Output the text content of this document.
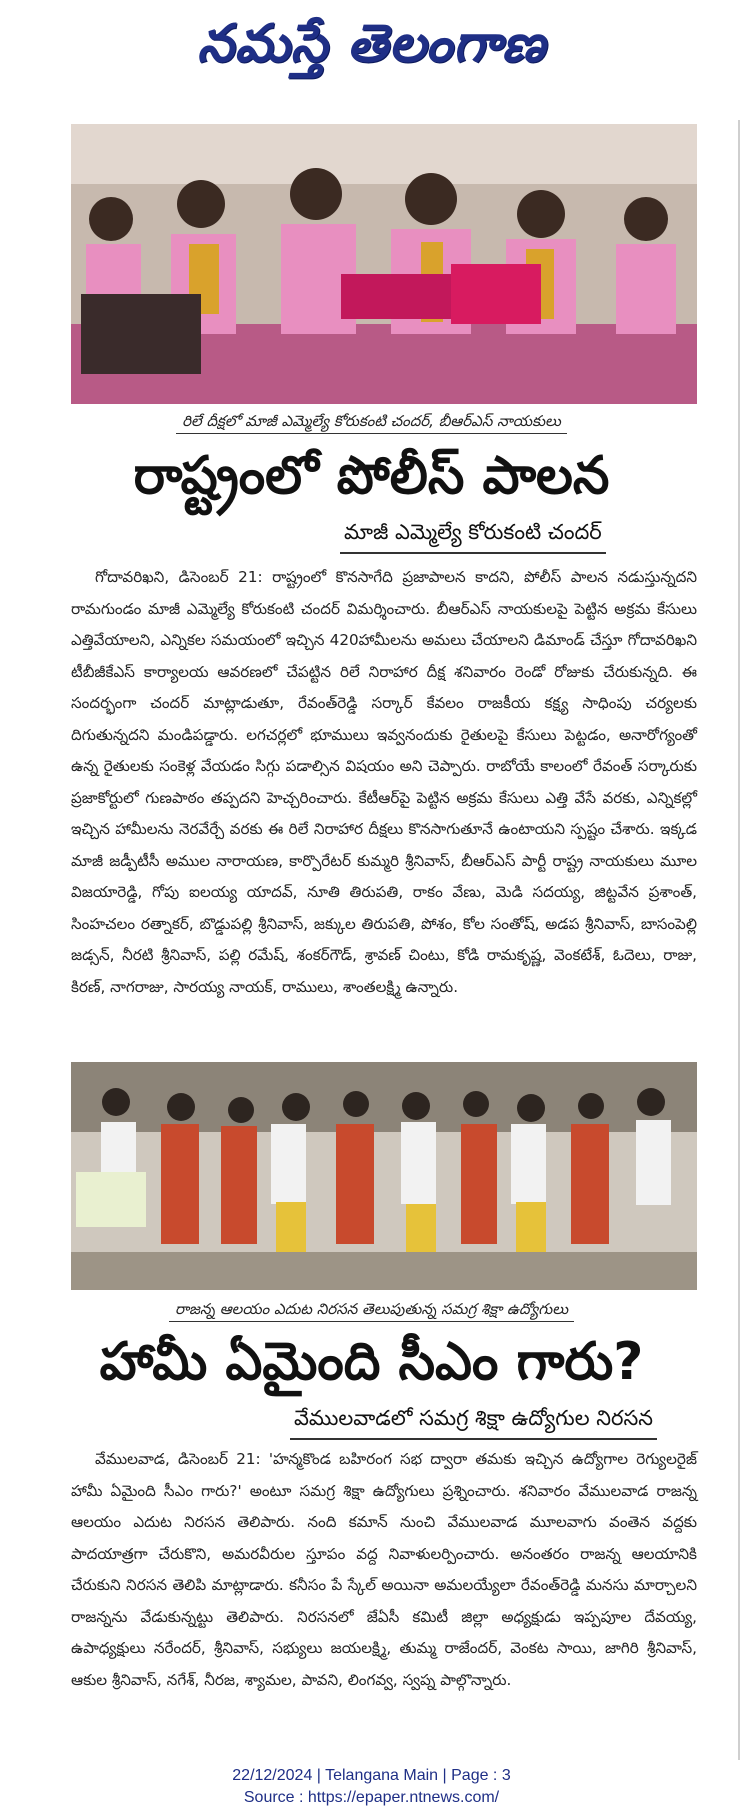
నమస్తే తెలంగాణ
రిలే దీక్షలో మాజీ ఎమ్మెల్యే కోరుకంటి చందర్, బీఆర్ఎస్ నాయకులు
రాష్ట్రంలో పోలీస్ పాలన
మాజీ ఎమ్మెల్యే కోరుకంటి చందర్
గోదావరిఖని, డిసెంబర్ 21: రాష్ట్రంలో కొనసాగేది ప్రజాపాలన కాదని, పోలీస్ పాలన నడుస్తున్నదని రామగుండం మాజీ ఎమ్మెల్యే కోరుకంటి చందర్ విమర్శించారు. బీఆర్ఎస్ నాయకులపై పెట్టిన అక్రమ కేసులు ఎత్తివేయాలని, ఎన్నికల సమయంలో ఇచ్చిన 420హామీలను అమలు చేయాలని డిమాండ్ చేస్తూ గోదావరిఖని టీబీజీకేఎస్ కార్యాలయ ఆవరణలో చేపట్టిన రిలే నిరాహార దీక్ష శనివారం రెండో రోజుకు చేరుకున్నది. ఈ సందర్భంగా చందర్ మాట్లాడుతూ, రేవంత్‌రెడ్డి సర్కార్ కేవలం రాజకీయ కక్ష్య సాధింపు చర్యలకు దిగుతున్నదని మండిపడ్డారు. లగచర్లలో భూములు ఇవ్వనందుకు రైతులపై కేసులు పెట్టడం, అనారోగ్యంతో ఉన్న రైతులకు సంకెళ్ల వేయడం సిగ్గు పడాల్సిన విషయం అని చెప్పారు. రాబోయే కాలంలో రేవంత్ సర్కారుకు ప్రజాకోర్టులో గుణపాఠం తప్పదని హెచ్చరించారు. కేటీఆర్‌పై పెట్టిన అక్రమ కేసులు ఎత్తి వేసే వరకు, ఎన్నికల్లో ఇచ్చిన హామీలను నెరవేర్చే వరకు ఈ రిలే నిరాహార దీక్షలు కొనసాగుతూనే ఉంటాయని స్పష్టం చేశారు. ఇక్కడ మాజీ జడ్పీటీసీ అముల నారాయణ, కార్పొరేటర్ కుమ్మరి శ్రీనివాస్, బీఆర్ఎస్ పార్టీ రాష్ట్ర నాయకులు మూల విజయారెడ్డి, గోపు ఐలయ్య యాదవ్, నూతి తిరుపతి, రాకం వేణు, మెడి సదయ్య, జిట్టవేన ప్రశాంత్, సింహచలం రత్నాకర్, బొడ్డుపల్లి శ్రీనివాస్, జక్కుల తిరుపతి, పోశం, కోల సంతోష్, అడప శ్రీనివాస్, బాసంపెల్లి జడ్సన్, నీరటి శ్రీనివాస్, పల్లి రమేష్, శంకర్‌గౌడ్, శ్రావణ్ చింటు, కోడి రామకృష్ణ, వెంకటేశ్, ఓదెలు, రాజు, కిరణ్, నాగరాజు, సారయ్య నాయక్, రాములు, శాంతలక్ష్మి ఉన్నారు.
రాజన్న ఆలయం ఎదుట నిరసన తెలుపుతున్న సమగ్ర శిక్షా ఉద్యోగులు
హామీ ఏమైంది సీఎం గారు?
వేములవాడలో సమగ్ర శిక్షా ఉద్యోగుల నిరసన
వేములవాడ, డిసెంబర్ 21: 'హన్మకొండ బహిరంగ సభ ద్వారా తమకు ఇచ్చిన ఉద్యోగాల రెగ్యులరైజ్ హామీ ఏమైంది సీఎం గారు?' అంటూ సమగ్ర శిక్షా ఉద్యోగులు ప్రశ్నించారు. శనివారం వేములవాడ రాజన్న ఆలయం ఎదుట నిరసన తెలిపారు. నంది కమాన్ నుంచి వేములవాడ మూలవాగు వంతెన వద్దకు పాదయాత్రగా చేరుకొని, అమరవీరుల స్తూపం వద్ద నివాళులర్పించారు. అనంతరం రాజన్న ఆలయానికి చేరుకుని నిరసన తెలిపి మాట్లాడారు. కనీసం పే స్కేల్ అయినా అమలయ్యేలా రేవంత్‌రెడ్డి మనసు మార్చాలని రాజన్నను వేడుకున్నట్టు తెలిపారు. నిరసనలో జేఏసీ కమిటీ జిల్లా అధ్యక్షుడు ఇప్పపూల దేవయ్య, ఉపాధ్యక్షులు నరేందర్, శ్రీనివాస్, సభ్యులు జయలక్ష్మి, తుమ్మ రాజేందర్, వెంకట సాయి, జాగిరి శ్రీనివాస్, ఆకుల శ్రీనివాస్, నగేశ్, నీరజ, శ్యామల, పావని, లింగవ్వ, స్వప్న పాల్గొన్నారు.
22/12/2024 | Telangana Main | Page : 3
Source : https://epaper.ntnews.com/
